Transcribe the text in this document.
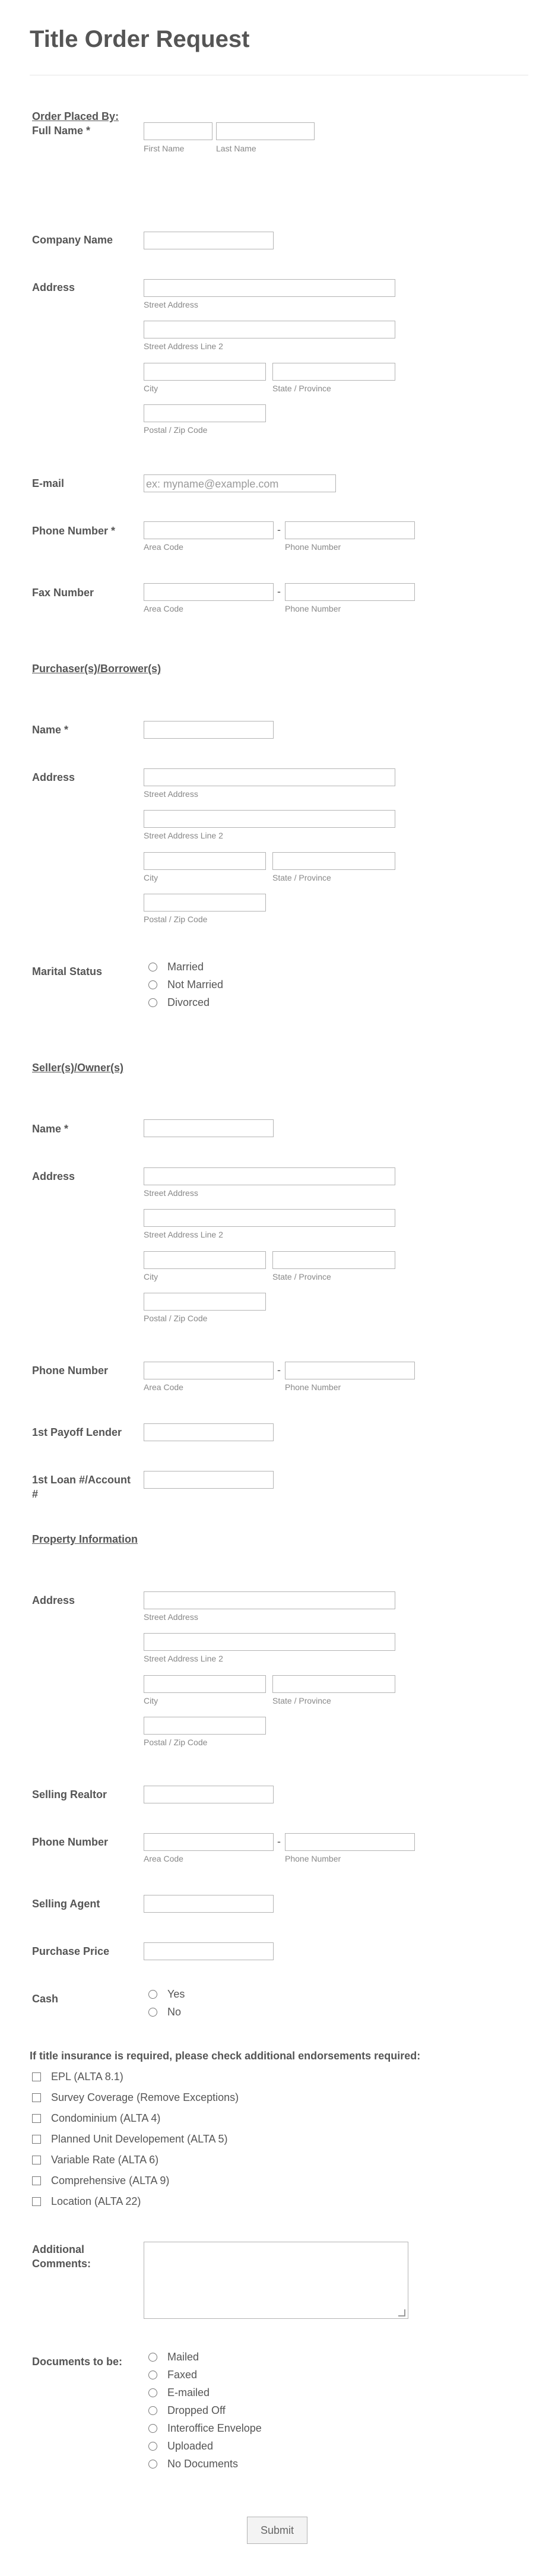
Title Order Request
Order Placed By:
Full Name *
First Name	Last Name
Company Name
Address
Street Address
Street Address Line 2
City	State / Province
Postal / Zip Code
E-mail	ex: myname@example.com
Phone Number *	-
Area Code	Phone Number
Fax Number	-
Area Code	Phone Number
Purchaser(s)/Borrower(s)
Name *
Address
Street Address
Street Address Line 2
City	State / Province
Postal / Zip Code
Marital Status	Married
Not Married
Divorced
Seller(s)/Owner(s)
Name *
Address
Street Address
Street Address Line 2
City	State / Province
Postal / Zip Code
Phone Number	-
Area Code	Phone Number
1st Payoff Lender
1st Loan #/Account #
Property Information
Address
Street Address
Street Address Line 2
City	State / Province
Postal / Zip Code
Selling Realtor
Phone Number	-
Area Code	Phone Number
Selling Agent
Purchase Price
Cash	Yes
No
If title insurance is required, please check additional endorsements required:
EPL (ALTA 8.1)
Survey Coverage (Remove Exceptions)
Condominium (ALTA 4)
Planned Unit Developement (ALTA 5)
Variable Rate (ALTA 6)
Comprehensive (ALTA 9)
Location (ALTA 22)
Additional Comments:
Documents to be:	Mailed
Faxed
E-mailed
Dropped Off
Interoffice Envelope
Uploaded
No Documents
Submit
